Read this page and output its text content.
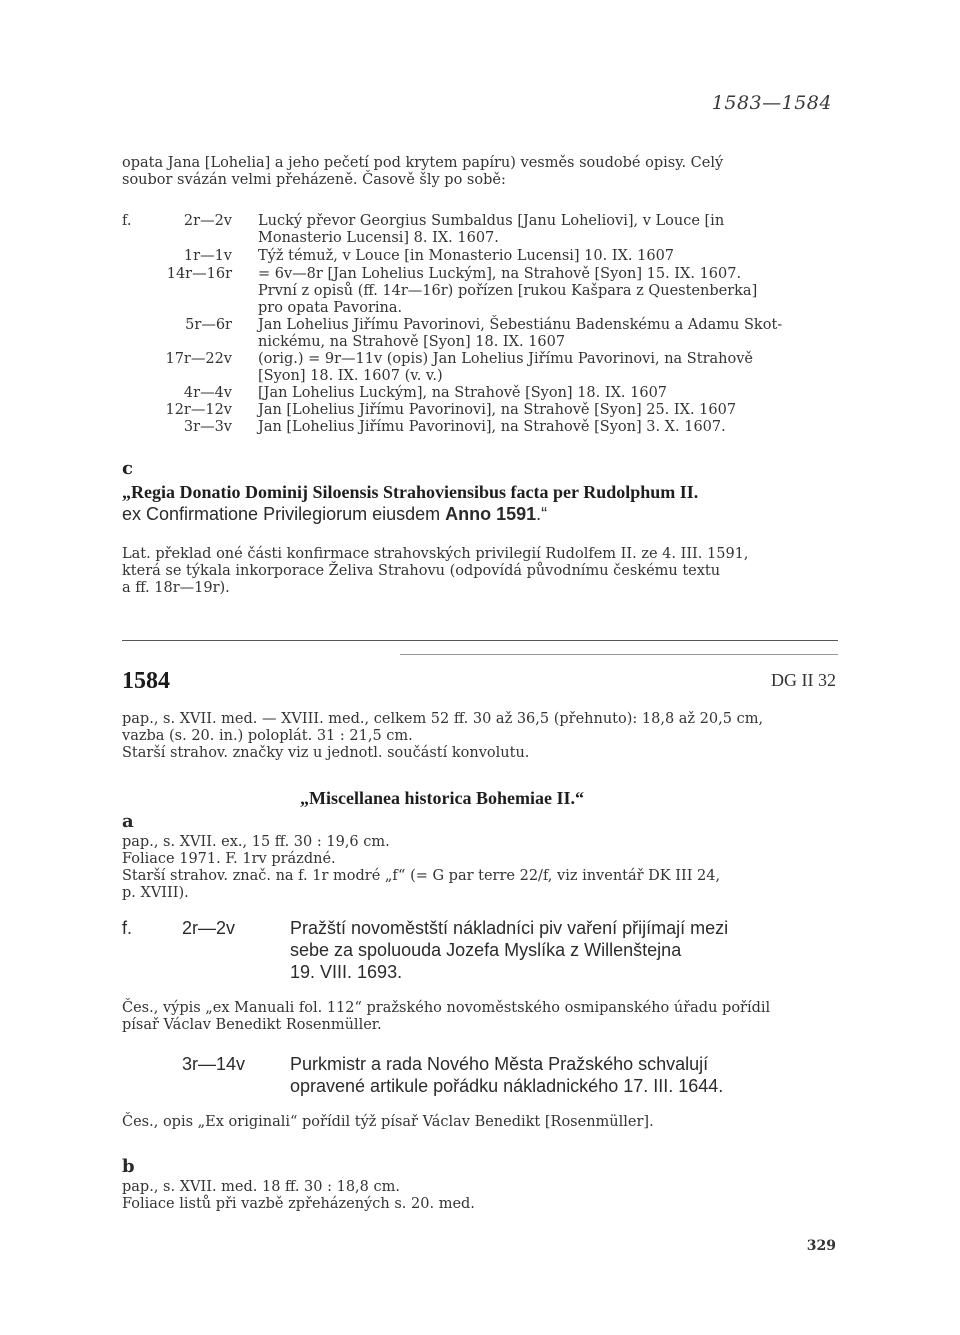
1583—1584
opata Jana [Lohelia] a jeho pečetí pod krytem papíru) vesměs soudobé opisy. Celý
soubor svázán velmi přeházeně. Časově šly po sobě:
f.	2r—2v Lucký převor Georgius Sumbaldus [Janu Loheliovi], v Louce [in
Monasterio Lucensi] 8. IX. 1607.
1r—1v Týž témuž, v Louce [in Monasterio Lucensi] 10. IX. 1607
14r—16r = 6v—8r [Jan Lohelius Luckým], na Strahově [Syon] 15. IX. 1607.
První z opisů (ff. 14r—16r) pořízen [rukou Kašpara z Questenberka]
pro opata Pavorina.
5r—6r Jan Lohelius Jiřímu Pavorinovi, Šebestiánu Badenskému a Adamu Skot-
nickému, na Strahově [Syon] 18. IX. 1607
17r—22v (orig.) = 9r—11v (opis) Jan Lohelius Jiřímu Pavorinovi, na Strahově
[Syon] 18. IX. 1607 (v. v.)
4r—4v [Jan Lohelius Luckým], na Strahově [Syon] 18. IX. 1607
12r—12v Jan [Lohelius Jiřímu Pavorinovi], na Strahově [Syon] 25. IX. 1607
3r—3v Jan [Lohelius Jiřímu Pavorinovi], na Strahově [Syon] 3. X. 1607.
c
„Regia Donatio Dominij Siloensis Strahoviensibus facta per Rudolphum II.
ex Confirmatione Privilegiorum eiusdem Anno 1591.“
Lat. překlad oné části konfirmace strahovských privilegií Rudolfem II. ze 4. III. 1591,
která se týkala inkorporace Želiva Strahovu (odpovídá původnímu českému textu
a ff. 18r—19r).
1584	DG II 32
pap., s. XVII. med. — XVIII. med., celkem 52 ff. 30 až 36,5 (přehnuto): 18,8 až 20,5 cm,
vazba (s. 20. in.) poloplát. 31 : 21,5 cm.
Starší strahov. značky viz u jednotl. součástí konvolutu.
„Miscellanea historica Bohemiae II.“
a
pap., s. XVII. ex., 15 ff. 30 : 19,6 cm.
Foliace 1971. F. 1rv prázdné.
Starší strahov. znač. na f. 1r modré „f“ (= G par terre 22/f, viz inventář DK III 24,
p. XVIII).
f.	2r—2v	Pražští novoměstští nákladníci piv vaření přijímají mezi
sebe za spoluouda Jozefa Myslíka z Willenštejna
19. VIII. 1693.
Čes., výpis „ex Manuali fol. 112“ pražského novoměstského osmipanského úřadu pořídil
písař Václav Benedikt Rosenmüller.
3r—14v	Purkmistr a rada Nového Města Pražského schvalují
opravené artikule pořádku nákladnického 17. III. 1644.
Čes., opis „Ex originali“ pořídil týž písař Václav Benedikt [Rosenmüller].
b
pap., s. XVII. med. 18 ff. 30 : 18,8 cm.
Foliace listů při vazbě zpřeházených s. 20. med.
329
